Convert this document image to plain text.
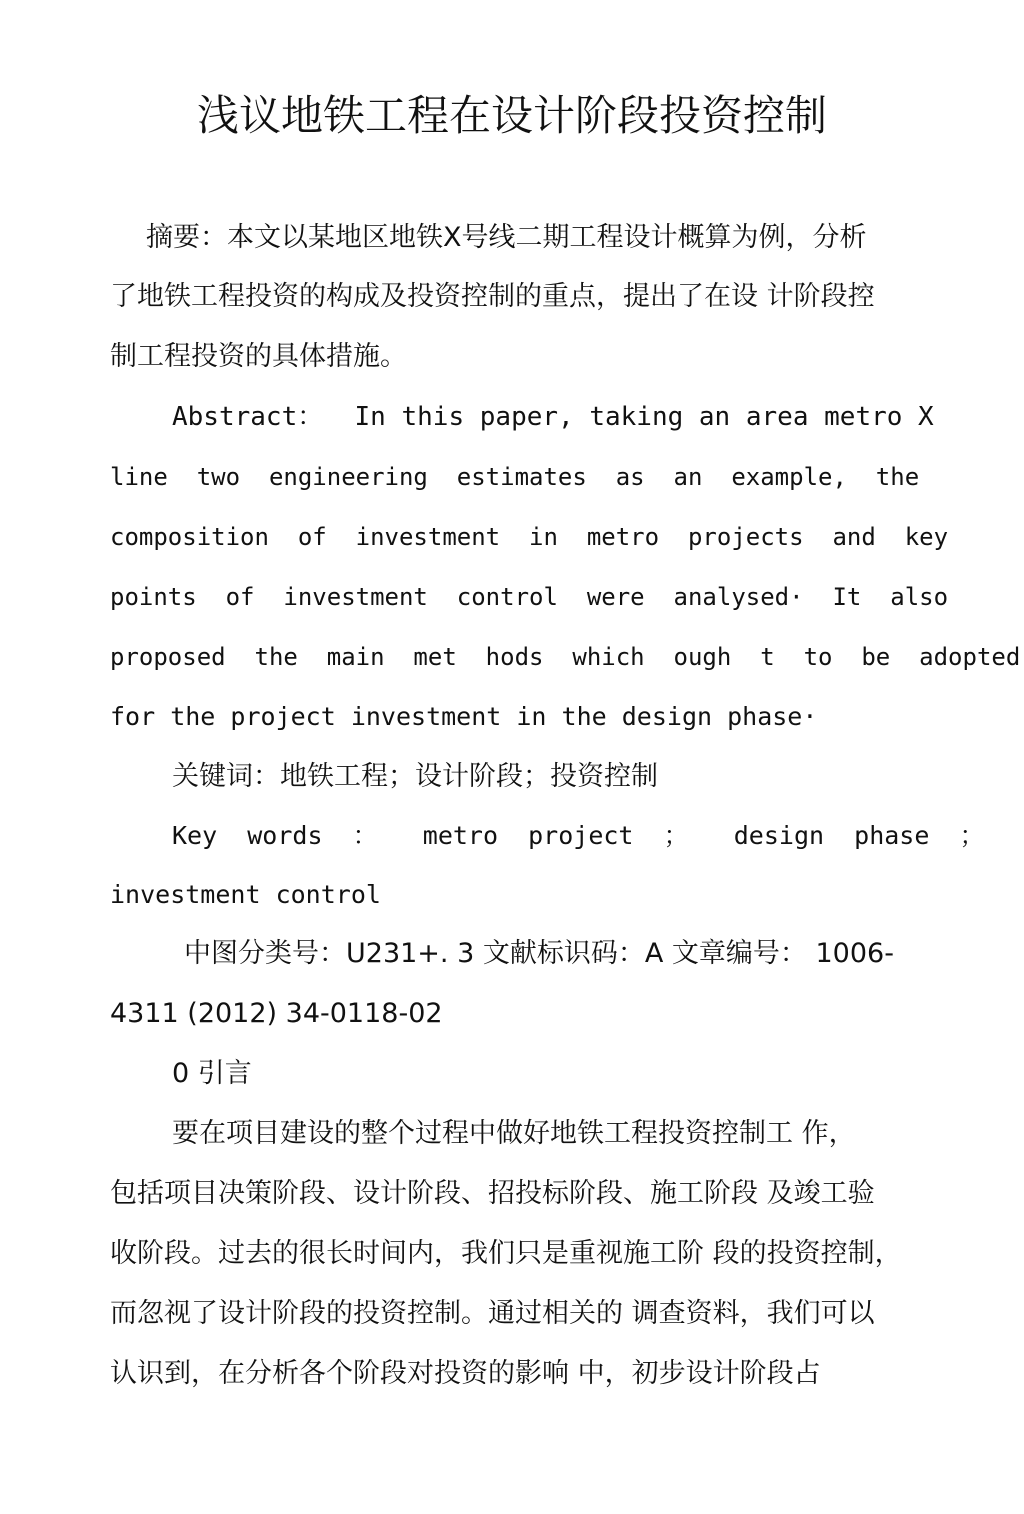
浅议地铁工程在设计阶段投资控制
摘要：本文以某地区地铁X号线二期工程设计概算为例，分析
了地铁工程投资的构成及投资控制的重点，提出了在设 计阶段控
制工程投资的具体措施。
Abstract：  In this paper, taking an area metro X
line  two  engineering  estimates  as  an  example,  the
composition  of  investment  in  metro  projects  and  key
points  of  investment  control  were  analysed·  It  also
proposed  the  main  met  hods  which  ough  t  to  be  adopted
for the project investment in the design phase·
关键词：地铁工程；设计阶段；投资控制
Key  words  ：   metro  project  ；   design  phase  ；
investment control
中图分类号：U231+. 3 文献标识码：A 文章编号： 1006-
4311 (2012) 34-0118-02
0 引言
要在项目建设的整个过程中做好地铁工程投资控制工 作，
包括项目决策阶段、设计阶段、招投标阶段、施工阶段 及竣工验
收阶段。过去的很长时间内，我们只是重视施工阶 段的投资控制，
而忽视了设计阶段的投资控制。通过相关的 调查资料，我们可以
认识到，在分析各个阶段对投资的影响 中，初步设计阶段占
